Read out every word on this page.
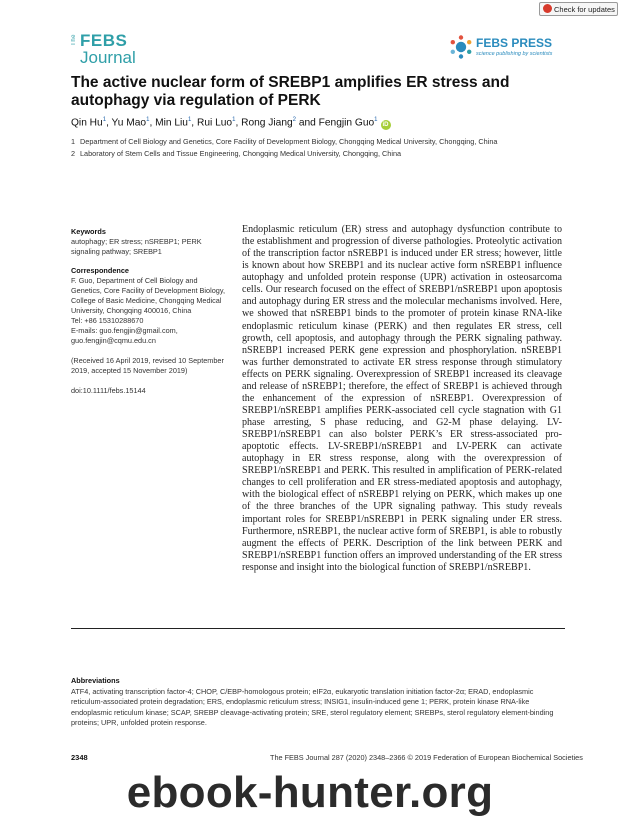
Check for updates
The FEBS
Journal
FEBS PRESS
science publishing by scientists
The active nuclear form of SREBP1 amplifies ER stress and autophagy via regulation of PERK
Qin Hu$^1$, Yu Mao$^1$, Min Liu$^1$, Rui Luo$^1$, Rong Jiang$^2$ and Fengjin Guo$^1$iD
1 Department of Cell Biology and Genetics, Core Facility of Development Biology, Chongqing Medical University, Chongqing, China
2 Laboratory of Stem Cells and Tissue Engineering, Chongqing Medical University, Chongqing, China

Keywords

autophagy; ER stress; nSREBP1; PERK signaling pathway; SREBP1

Correspondence

F. Guo, Department of Cell Biology and Genetics, Core Facility of Development Biology, College of Basic Medicine, Chongqing Medical University, Chongqing 400016, China

Tel: +86 15310288670

E-mails: guo.fengjin@gmail.com, guo.fengjin@cqmu.edu.cn

(Received 16 April 2019, revised 10 September 2019, accepted 15 November 2019)

doi:10.1111/febs.15144

Endoplasmic reticulum (ER) stress and autophagy dysfunction contribute to the establishment and progression of diverse pathologies. Proteolytic activation of the transcription factor nSREBP1 is induced under ER stress; however, little is known about how SREBP1 and its nuclear active form nSREBP1 influence autophagy and unfolded protein response (UPR) activation in osteosarcoma cells. Our research focused on the effect of SREBP1/nSREBP1 upon apoptosis and autophagy during ER stress and the molecular mechanisms involved. Here, we showed that nSREBP1 binds to the promoter of protein kinase RNA-like endoplasmic reticulum kinase (PERK) and then regulates ER stress, cell growth, cell apoptosis, and autophagy through the PERK signaling pathway. nSREBP1 increased PERK gene expression and phosphorylation. nSREBP1 was further demonstrated to activate ER stress response through stimulatory effects on PERK signaling. Overexpression of SREBP1 increased its cleavage and release of nSREBP1; therefore, the effect of SREBP1 is achieved through the enhancement of the expression of nSREBP1. Overexpression of SREBP1/nSREBP1 amplifies PERK-associated cell cycle stagnation with G1 phase arresting, S phase reducing, and G2-M phase delaying. LV-SREBP1/nSREBP1 can also bolster PERK’s ER stress-associated pro-apoptotic effects. LV-SREBP1/nSREBP1 and LV-PERK can activate autophagy in ER stress response, along with the overexpression of SREBP1/nSREBP1 and PERK. This resulted in amplification of PERK-related changes to cell proliferation and ER stress-mediated apoptosis and autophagy, with the biological effect of nSREBP1 relying on PERK, which makes up one of the three branches of the UPR signaling pathway. This study reveals important roles for SREBP1/nSREBP1 in PERK signaling under ER stress. Furthermore, nSREBP1, the nuclear active form of SREBP1, is able to robustly augment the effects of PERK. Description of the link between PERK and SREBP1/nSREBP1 function offers an improved understanding of the ER stress response and insight into the biological function of SREBP1/nSREBP1.

Abbreviations

ATF4, activating transcription factor-4; CHOP, C/EBP-homologous protein; eIF2α, eukaryotic translation initiation factor-2α; ERAD, endoplasmic reticulum-associated protein degradation; ERS, endoplasmic reticulum stress; INSIG1, insulin-induced gene 1; PERK, protein kinase RNA-like endoplasmic reticulum kinase; SCAP, SREBP cleavage-activating protein; SRE, sterol regulatory element; SREBPs, sterol regulatory element-binding proteins; UPR, unfolded protein response.

2348	The FEBS Journal 287 (2020) 2348–2366 © 2019 Federation of European Biochemical Societies
ebook-hunter.org
